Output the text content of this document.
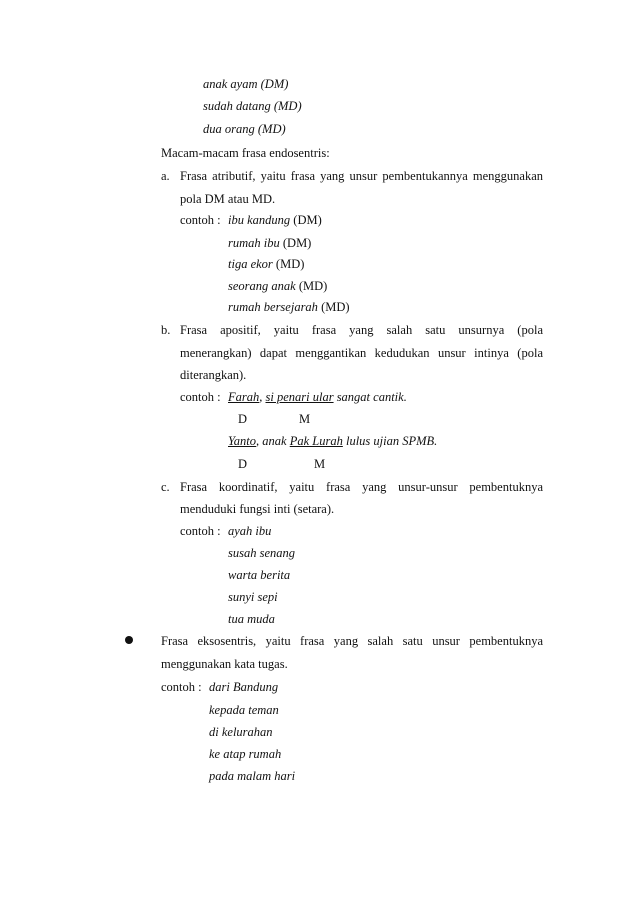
anak ayam (DM)
sudah datang (MD)
dua orang (MD)
Macam-macam frasa endosentris:
a. Frasa atributif, yaitu frasa yang unsur pembentukannya menggunakan
pola DM atau MD.
contoh : ibu kandung (DM)
rumah ibu (DM)
tiga ekor (MD)
seorang anak (MD)
rumah bersejarah (MD)
b. Frasa apositif, yaitu frasa yang salah satu unsurnya (pola
menerangkan) dapat menggantikan kedudukan unsur intinya (pola
diterangkan).
contoh : Farah, si penari ular sangat cantik.
D	M
Yanto, anak Pak Lurah lulus ujian SPMB.
D	M
c. Frasa koordinatif, yaitu frasa yang unsur-unsur pembentuknya
menduduki fungsi inti (setara).
contoh : ayah ibu
susah senang
warta berita
sunyi sepi
tua muda
Frasa eksosentris, yaitu frasa yang salah satu unsur pembentuknya
menggunakan kata tugas.
contoh : dari Bandung
kepada teman
di kelurahan
ke atap rumah
pada malam hari
